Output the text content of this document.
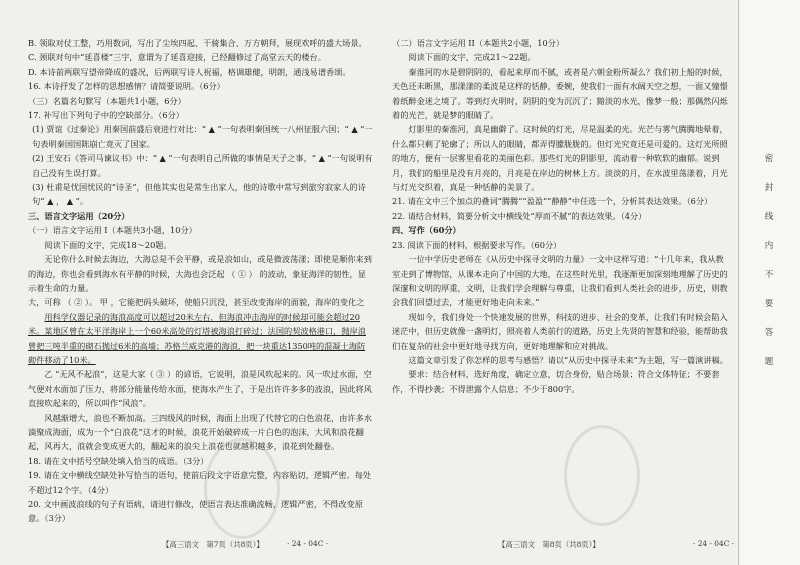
B. 领取对仗工整，巧用数词，写出了尘埃四起、干骑集合、万方朝拜，展现欢呼的盛大场景。

C. 颈联对句中“延喜楼”三字，意谓为了延喜迎接，已经翻修过了高堂云天的楼台。

D. 本诗前两联写望帝降成的盛况，后两联写诗人祝福，格调雄健，明朗，通浅易谱香颂。

16. 本诗抒发了怎样的思想感情？请简要说明。（6分）

（三）名篇名句默写（本题共1小题，6分）

17. 补写出下列句子中的空缺部分。（6分）

(1) 贾谊《过秦论》用秦国前盛后衰进行对比：“ ▲ ”一句表明秦国统一八州征服六国；“ ▲ ”一句表明秦国国陈崩亡竟灭了国家。

(2) 王安石《答司马谏议书》中：“ ▲ ”一句表明自己所做的事情是天子之事，“ ▲ ”一句说明有自己没有生误打算。

(3) 杜甫是忧国忧民的“诗圣”，但他其实也是常生出家人，他的诗歌中常写到旅穷寂家人的诗句“ ▲ ， ▲ ”。

三、语言文字运用（20分）

（一）语言文字运用 I（本题共3小题，10分）

阅读下面的文字，完成18～20题。

无论你什么时候去海边，大海总是不会平静，或是浪如山，或是微波荡漾；即使是顺你来到的海边，你也会看到海水有平静的时候，大海也会泛起 （ ① ） 的波动，象征海洋的韧性，显示着生命的力量。

大，可称 （ ② ）。 甲 ，它能把码头破坏，使船只沉没，甚至改变海岸的面貌，海岸的变化之

用科学仪器记录的海浪高度可以超过20米左右，但海浪冲击海岸的时候却可能会超过20米。某地区曾在太平洋海岸上一个60米高处的灯塔被海浪打碎过；法国的契波格港口，抛岸浪曾把三吨半重的砌石抛过6米的高墙；苏格兰威克港的海浪，把一块重达1350吨的混凝土海防砌件移动了10米。

乙 “无风不起浪”，这是大家（ ③ ）的谚语，它说明，浪是风吹起来的。风一吹过水面，空气便对水面加了压力，将部分能量传给水面，使海水产生了，于是出许许多多的波浪，因此将风直接吹起来的，所以叫作“风浪”。

风越渐增大，浪也不断加高。三四级风的时候，海面上出现了代替它的白色浪花，由许多水滴聚成海面，成为一个“白浪花”这才的时候，浪花开始破碎成一片白色的泡沫，大风和浪花翻起，风再大，浪就会变成更大的，翻起来的浪尖上浪花也就越积越多，浪花到处翻卷。

18. 请在文中括号空缺处填入恰当的成语。（3分）

19. 请在文中横线空缺处补写恰当的语句，使前后段文字语意完整，内容贴切，逻辑严密。每处不超过12个字。（4分）

20. 文中画波浪线的句子有语病，请进行修改，使语言表达准确流畅，逻辑严密，不得改变原意。（3分）

（二）语言文字运用 II（本题共2小题，10分）

阅读下面的文字，完成21～22题。

秦淮河的水是碧阴阴的，看起来厚而不腻，或者是六朝金粉所凝么？我们初上船的时候，天色还未断黑，那漾漾的柔波是这样的恬静，委婉，使我们一面有水阔天空之想，一面又憧憬着纸醉金迷之境了。等到灯火明时，阴阴的变为沉沉了；黯淡的水光，像梦一般；那偶然闪烁着的光芒，就是梦的眼睛了。

灯影里的秦淮河，真是幽僻了。这时候的灯光，尽是温柔的光。光芒与雾气腾腾地晕着，什么都只剩了轮廓了；所以人的眼睛，都弄得朦胧胧的。但灯光究竟还是可爱的。这灯光所照的地方，便有一层雾里看花的美丽色彩。那些灯光的阴影里，流动着一种软软的幽郁。说到月，我们的船里是没有月亮的，月亮是在岸边的树林上方。淡淡的月，在水波里荡漾着，月光与灯光交织着，真是一种恬静的美景了。

21. 请在文中三个加点的叠词“腾腾”“盈盈”“静静”中任选一个，分析其表达效果。（6分）

22. 请结合材料，简要分析文中横线处“厚而不腻”的表达效果。（4分）

四、写作（60分）

23. 阅读下面的材料，根据要求写作。（60分）

一位中学历史老师在《从历史中探寻文明的力量》一文中这样写道：“十几年来，我从教室走到了博物馆，从课本走向了中国的大地，在这些时光里，我逐渐更加深刻地理解了历史的深邃和文明的厚重，文明，让我们学会理解与尊重，让我们看到人类社会的进步，历史，则教会我们回望过去，才能更好地走向未来。”

现如今，我们身处一个快速发展的世界，科技的进步、社会的变革，让我们有时候会陷入迷茫中，但历史就像一盏明灯，照亮着人类前行的道路，历史上先贤的智慧和经验，能帮助我们在复杂的社会中更好地寻找方向，更好地理解和应对挑战。

这篇文章引发了你怎样的思考与感悟？请以“从历史中探寻未来”为主题，写一篇演讲稿。

要求：结合材料，选好角度，确定立意，切合身份，贴合场景；符合文体特征；不要套作，不得抄袭；不得泄露个人信息；不少于800字。

【高三语文　第7页（共8页）】	· 24 - 04C ·	【高三语文　第8页（共8页）】	· 24 - 04C ·
密
封
线
内
不
要
答
题
